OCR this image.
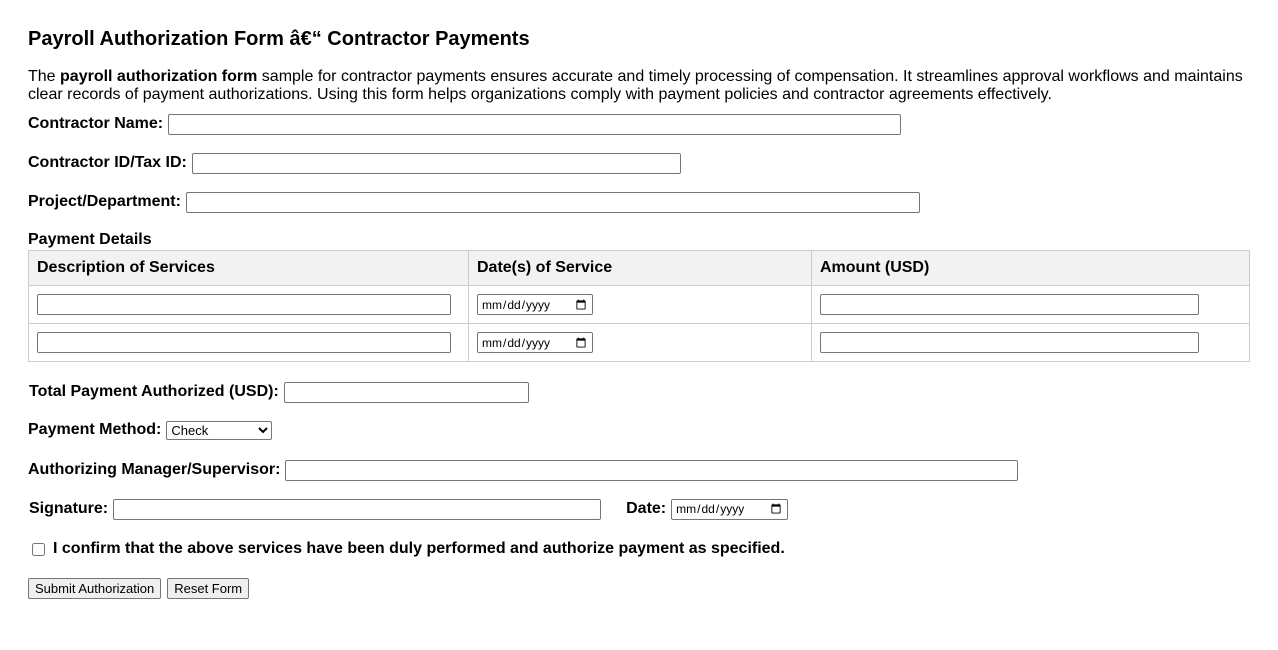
Payroll Authorization Form â€“ Contractor Payments

The payroll authorization form sample for contractor payments ensures accurate and timely processing of compensation. It streamlines approval workflows and maintains clear records of payment authorizations. Using this form helps organizations comply with payment policies and contractor agreements effectively.

Contractor Name:
Contractor ID/Tax ID:
Project/Department:
Payment Details
Description of Services	Date(s) of Service	Amount (USD)

Total Payment Authorized (USD):
Payment Method:
Check
Authorizing Manager/Supervisor:
Signature:	Date:
I confirm that the above services have been duly performed and authorize payment as specified.
Submit Authorization	Reset Form
